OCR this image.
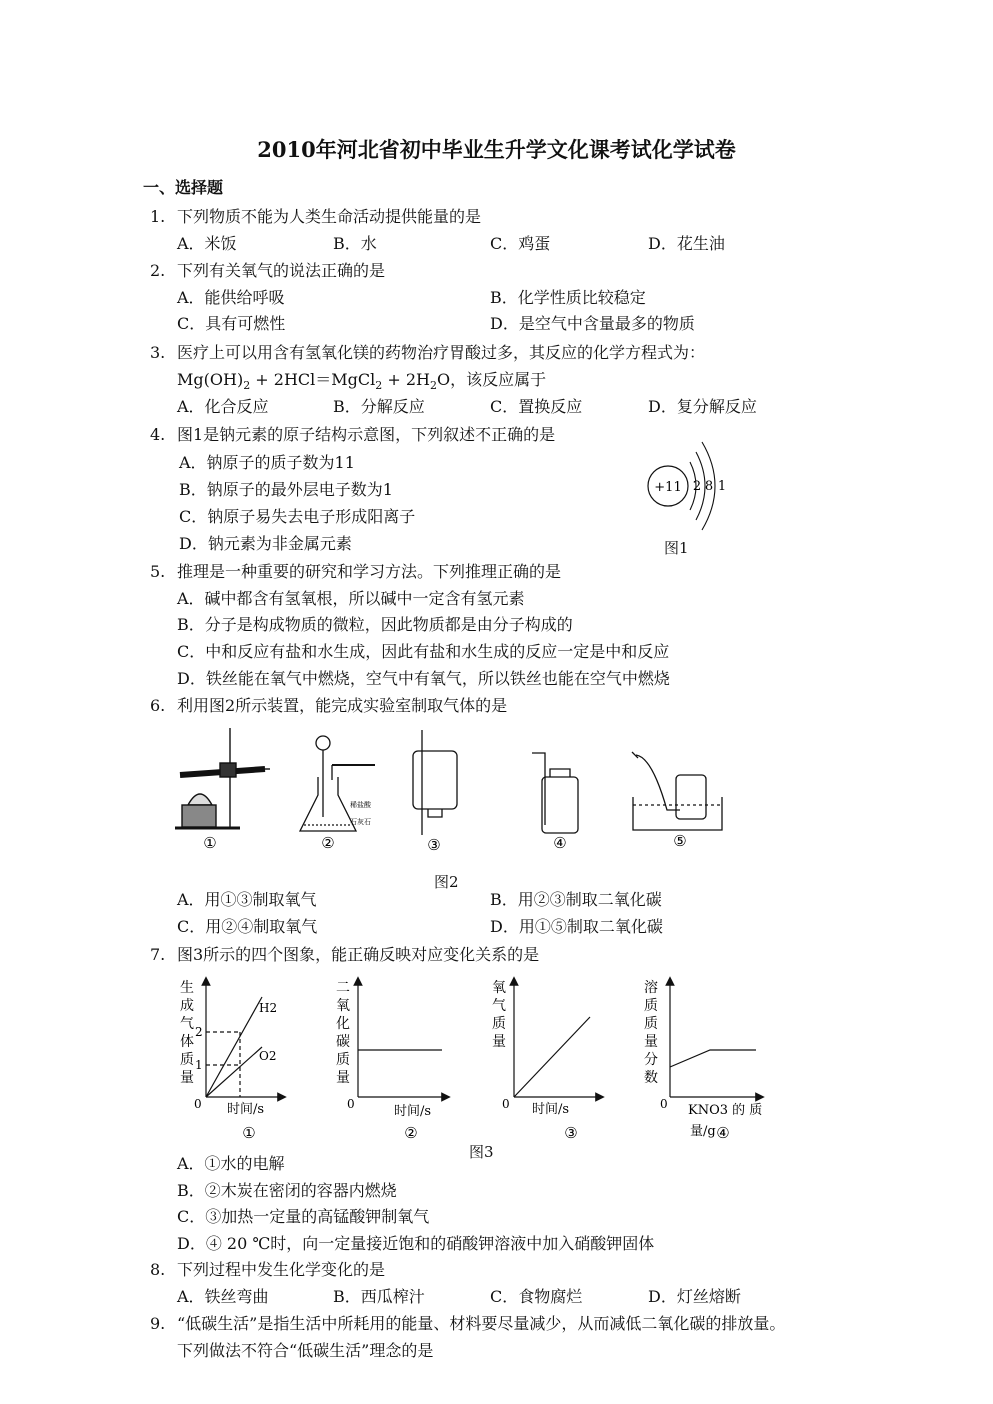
2010年河北省初中毕业生升学文化课考试化学试卷
一、选择题
1. 下列物质不能为人类生命活动提供能量的是
A．米饭	B．水	C．鸡蛋	D．花生油
2. 下列有关氧气的说法正确的是
A．能供给呼吸	B．化学性质比较稳定
C．具有可燃性	D．是空气中含量最多的物质
3. 医疗上可以用含有氢氧化镁的药物治疗胃酸过多，其反应的化学方程式为：
$Mg(OH)_2$ + 2HCl＝MgCl$_2$ + $2H_2O$，该反应属于
A．化合反应	B．分解反应	C．置换反应	D．复分解反应
4. 图1是钠元素的原子结构示意图，下列叙述不正确的是
A．钠原子的质子数为11
B．钠原子的最外层电子数为1
C．钠原子易失去电子形成阳离子
D．钠元素为非金属元素
+11 2 8 1
图1
5. 推理是一种重要的研究和学习方法。下列推理正确的是
A．碱中都含有氢氧根，所以碱中一定含有氢元素
B．分子是构成物质的微粒，因此物质都是由分子构成的
C．中和反应有盐和水生成，因此有盐和水生成的反应一定是中和反应
D．铁丝能在氧气中燃烧，空气中有氧气，所以铁丝也能在空气中燃烧
6. 利用图2所示装置，能完成实验室制取气体的是
①
稀盐酸
石灰石
②	③	④	⑤
图2
A．用①③制取氧气	B．用②③制取二氧化碳
C．用②④制取氧气	D．用①⑤制取二氧化碳
7. 图3所示的四个图象，能正确反映对应变化关系的是
生
成
气
体
质
量
0
2
1
H2
O2
时间/s
①
二
氧
化
碳
质
量
0	时间/s
②
氧
气
质
量
0 时间/s
③
溶
质
质
量
分
数
0 KNO3 的 质
量/g ④
图3
A．①水的电解
B．②木炭在密闭的容器内燃烧
C．③加热一定量的高锰酸钾制氧气
D．④ 20 ℃时，向一定量接近饱和的硝酸钾溶液中加入硝酸钾固体
8. 下列过程中发生化学变化的是
A．铁丝弯曲	B．西瓜榨汁	C．食物腐烂	D．灯丝熔断
9. “低碳生活”是指生活中所耗用的能量、材料要尽量减少，从而减低二氧化碳的排放量。
下列做法不符合“低碳生活”理念的是
